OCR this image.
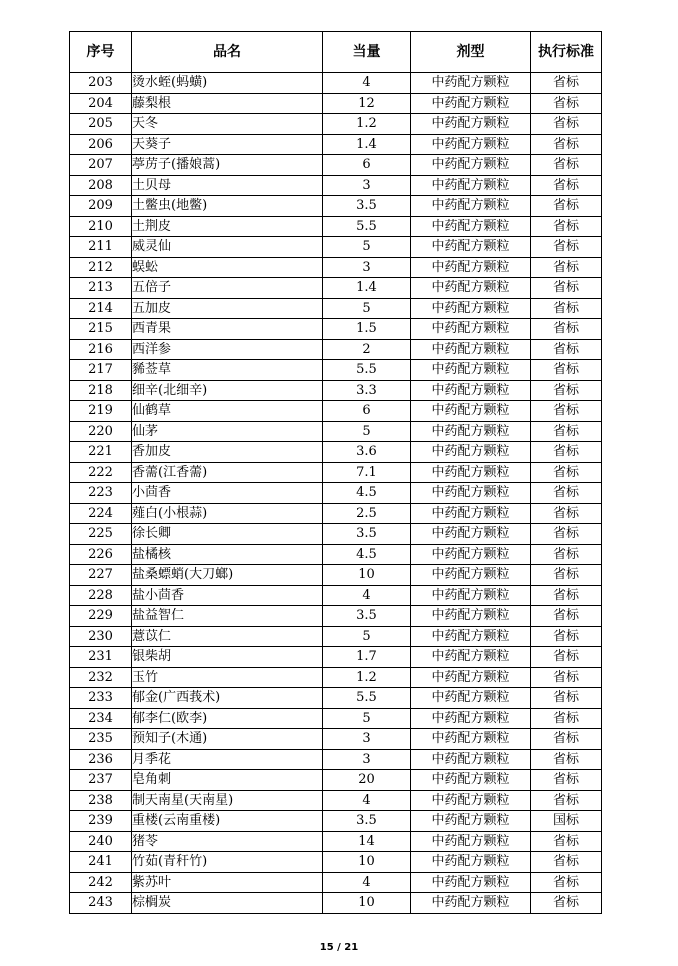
序号	品名	当量	剂型	执行标准
203	烫水蛭(蚂蟥)	4	中药配方颗粒	省标
204	藤梨根	12	中药配方颗粒	省标
205	天冬	1.2	中药配方颗粒	省标
206	天葵子	1.4	中药配方颗粒	省标
207	葶苈子(播娘蒿)	6	中药配方颗粒	省标
208	土贝母	3	中药配方颗粒	省标
209	土鳖虫(地鳖)	3.5	中药配方颗粒	省标
210	土荆皮	5.5	中药配方颗粒	省标
211	威灵仙	5	中药配方颗粒	省标
212	蜈蚣	3	中药配方颗粒	省标
213	五倍子	1.4	中药配方颗粒	省标
214	五加皮	5	中药配方颗粒	省标
215	西青果	1.5	中药配方颗粒	省标
216	西洋参	2	中药配方颗粒	省标
217	豨莶草	5.5	中药配方颗粒	省标
218	细辛(北细辛)	3.3	中药配方颗粒	省标
219	仙鹤草	6	中药配方颗粒	省标
220	仙茅	5	中药配方颗粒	省标
221	香加皮	3.6	中药配方颗粒	省标
222	香薷(江香薷)	7.1	中药配方颗粒	省标
223	小茴香	4.5	中药配方颗粒	省标
224	薤白(小根蒜)	2.5	中药配方颗粒	省标
225	徐长卿	3.5	中药配方颗粒	省标
226	盐橘核	4.5	中药配方颗粒	省标
227	盐桑螵蛸(大刀螂)	10	中药配方颗粒	省标
228	盐小茴香	4	中药配方颗粒	省标
229	盐益智仁	3.5	中药配方颗粒	省标
230	薏苡仁	5	中药配方颗粒	省标
231	银柴胡	1.7	中药配方颗粒	省标
232	玉竹	1.2	中药配方颗粒	省标
233	郁金(广西莪术)	5.5	中药配方颗粒	省标
234	郁李仁(欧李)	5	中药配方颗粒	省标
235	预知子(木通)	3	中药配方颗粒	省标
236	月季花	3	中药配方颗粒	省标
237	皂角刺	20	中药配方颗粒	省标
238	制天南星(天南星)	4	中药配方颗粒	省标
239	重楼(云南重楼)	3.5	中药配方颗粒	国标
240	猪苓	14	中药配方颗粒	省标
241	竹茹(青秆竹)	10	中药配方颗粒	省标
242	紫苏叶	4	中药配方颗粒	省标
243	棕榈炭	10	中药配方颗粒	省标
15 / 21
